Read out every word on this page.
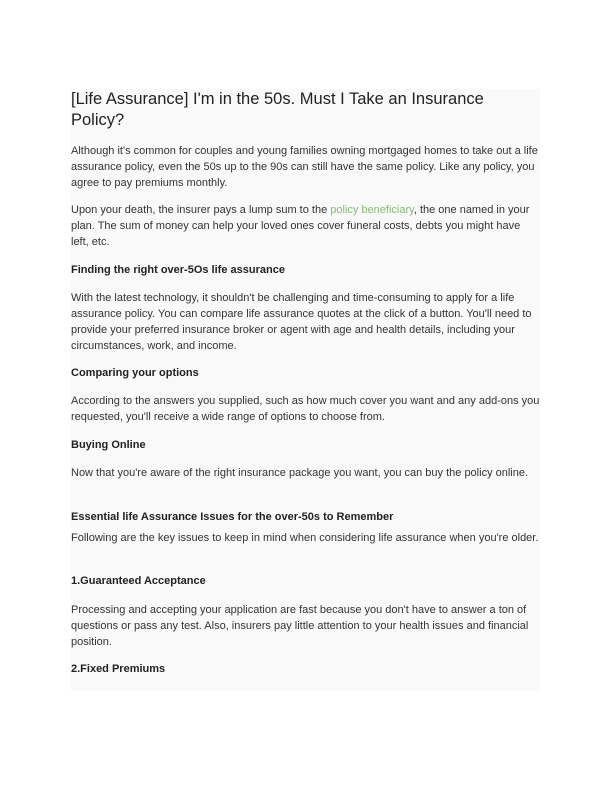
[Life Assurance] I'm in the 50s. Must I Take an Insurance Policy?

Although it's common for couples and young families owning mortgaged homes to take out a life assurance policy, even the 50s up to the 90s can still have the same policy. Like any policy, you agree to pay premiums monthly.

Upon your death, the insurer pays a lump sum to the policy beneficiary, the one named in your plan. The sum of money can help your loved ones cover funeral costs, debts you might have left, etc.

Finding the right over-5Os life assurance

With the latest technology, it shouldn't be challenging and time-consuming to apply for a life assurance policy. You can compare life assurance quotes at the click of a button. You'll need to provide your preferred insurance broker or agent with age and health details, including your circumstances, work, and income.

Comparing your options

According to the answers you supplied, such as how much cover you want and any add-ons you requested, you'll receive a wide range of options to choose from.

Buying Online

Now that you're aware of the right insurance package you want, you can buy the policy online.

Essential life Assurance Issues for the over-50s to Remember

Following are the key issues to keep in mind when considering life assurance when you're older.

1.Guaranteed Acceptance

Processing and accepting your application are fast because you don't have to answer a ton of questions or pass any test. Also, insurers pay little attention to your health issues and financial position.

2.Fixed Premiums
